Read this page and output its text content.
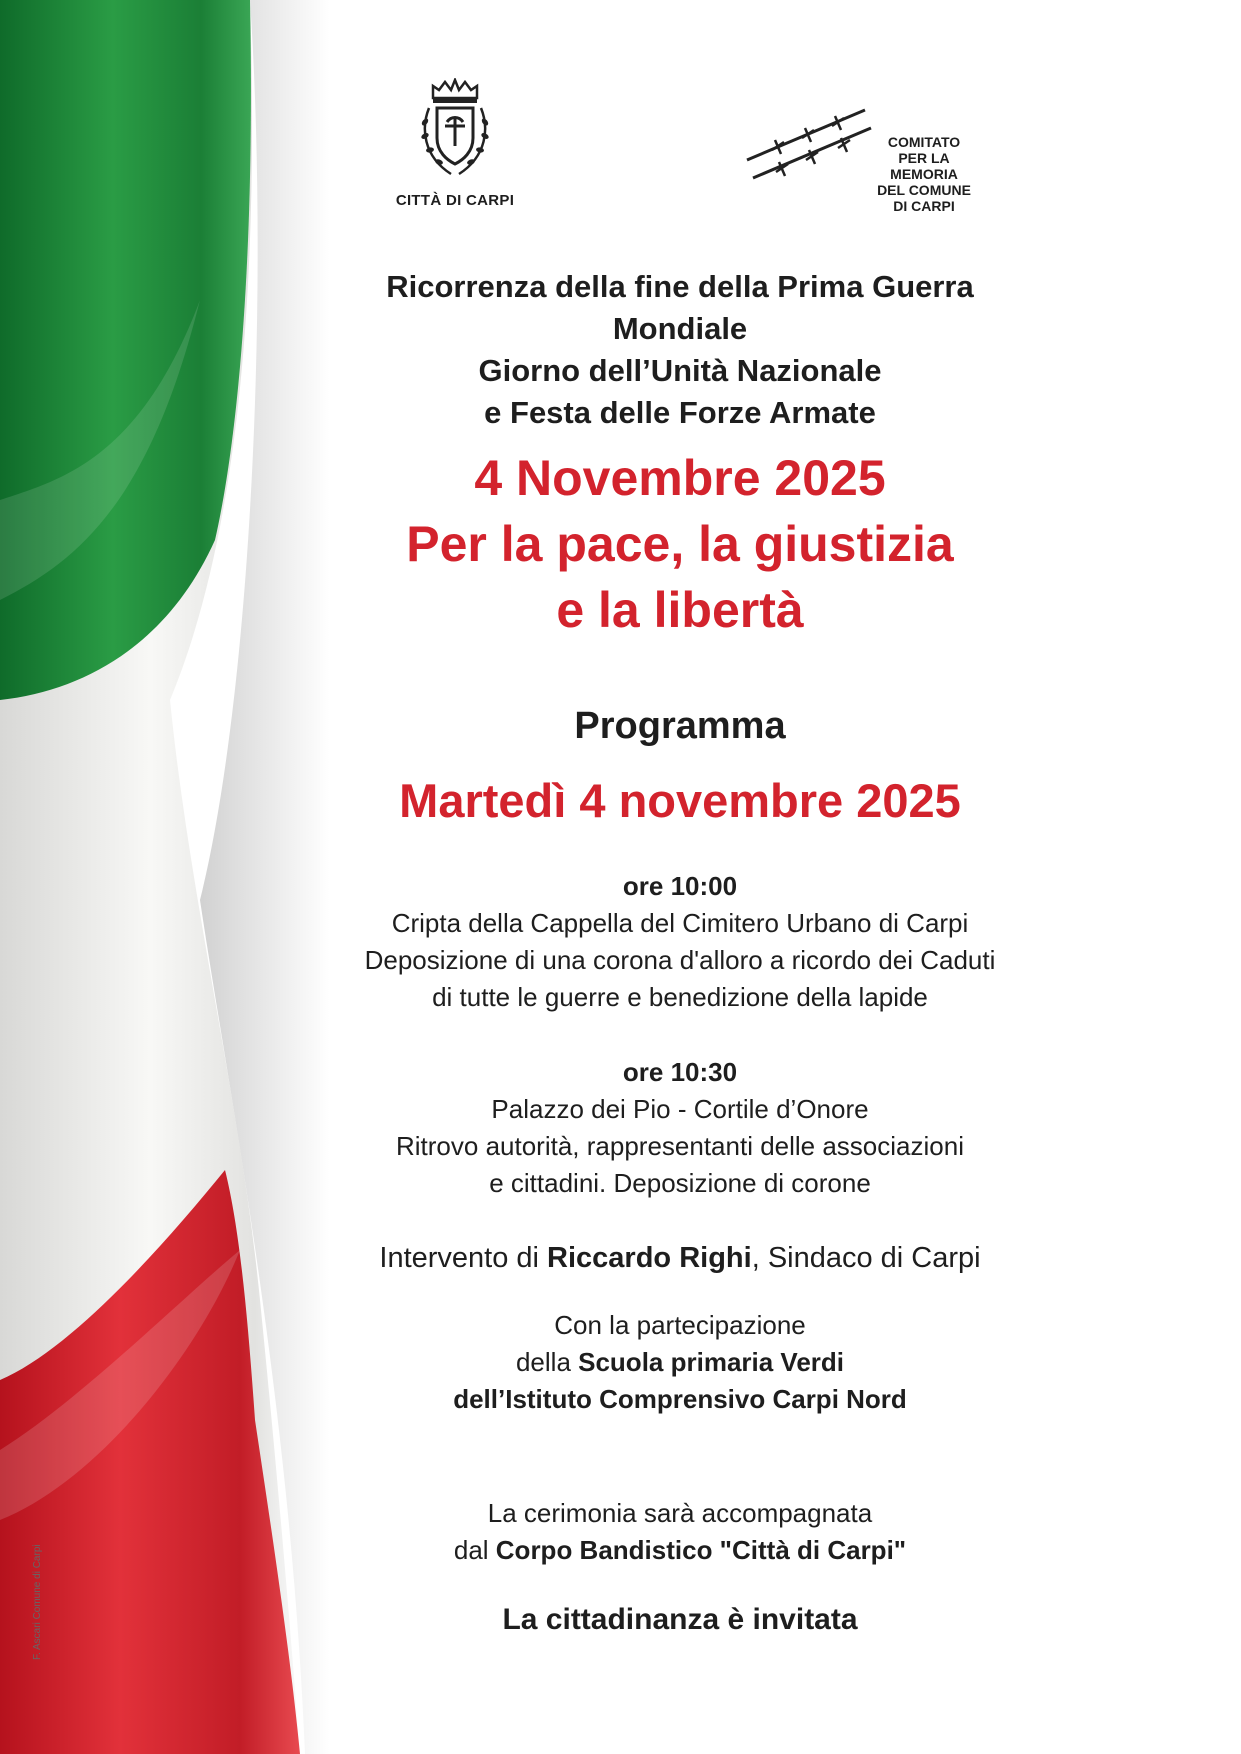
F. Ascari Comune di Carpi
CITTÀ DI CARPI
COMITATO
PER LA MEMORIA
DEL COMUNE DI CARPI
Ricorrenza della fine della Prima Guerra Mondiale
Giorno dell’Unità Nazionale
e Festa delle Forze Armate
4 Novembre 2025
Per la pace, la giustizia
e la libertà
Programma
Martedì 4 novembre 2025
ore 10:00
Cripta della Cappella del Cimitero Urbano di Carpi
Deposizione di una corona d'alloro a ricordo dei Caduti
di tutte le guerre e benedizione della lapide
ore 10:30
Palazzo dei Pio - Cortile d’Onore
Ritrovo autorità, rappresentanti delle associazioni
e cittadini. Deposizione di corone
Intervento di Riccardo Righi, Sindaco di Carpi
Con la partecipazione
della Scuola primaria Verdi
dell’Istituto Comprensivo Carpi Nord
La cerimonia sarà accompagnata
dal Corpo Bandistico "Città di Carpi"
La cittadinanza è invitata
